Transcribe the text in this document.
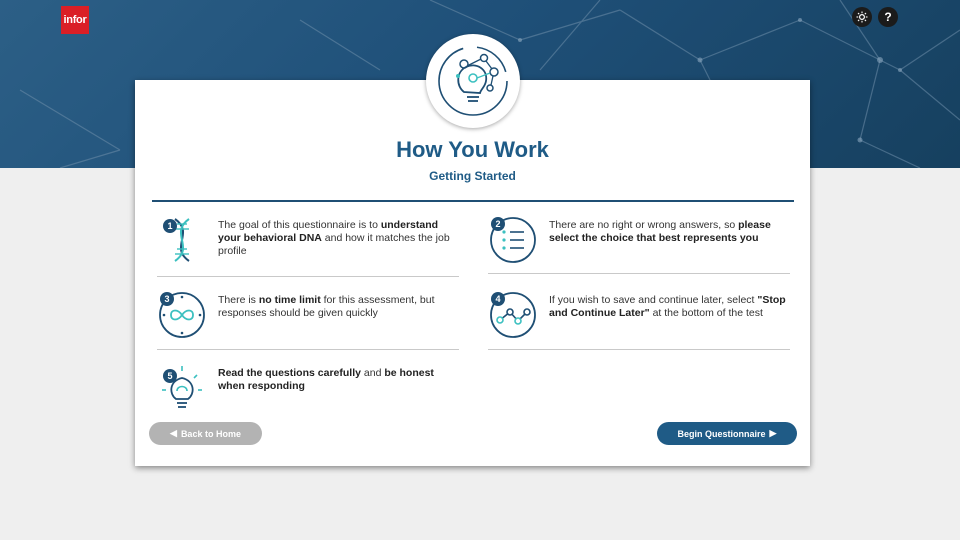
infor	?
How You Work
Getting Started
1	The goal of this questionnaire is to understand your behavioral DNA and how it matches the job profile
2	There are no right or wrong answers, so please select the choice that best represents you
3	There is no time limit for this assessment, but responses should be given quickly
4	If you wish to save and continue later, select "Stop and Continue Later" at the bottom of the test
5	Read the questions carefully and be honest when responding
◀ Back to Home	Begin Questionnaire ▶
